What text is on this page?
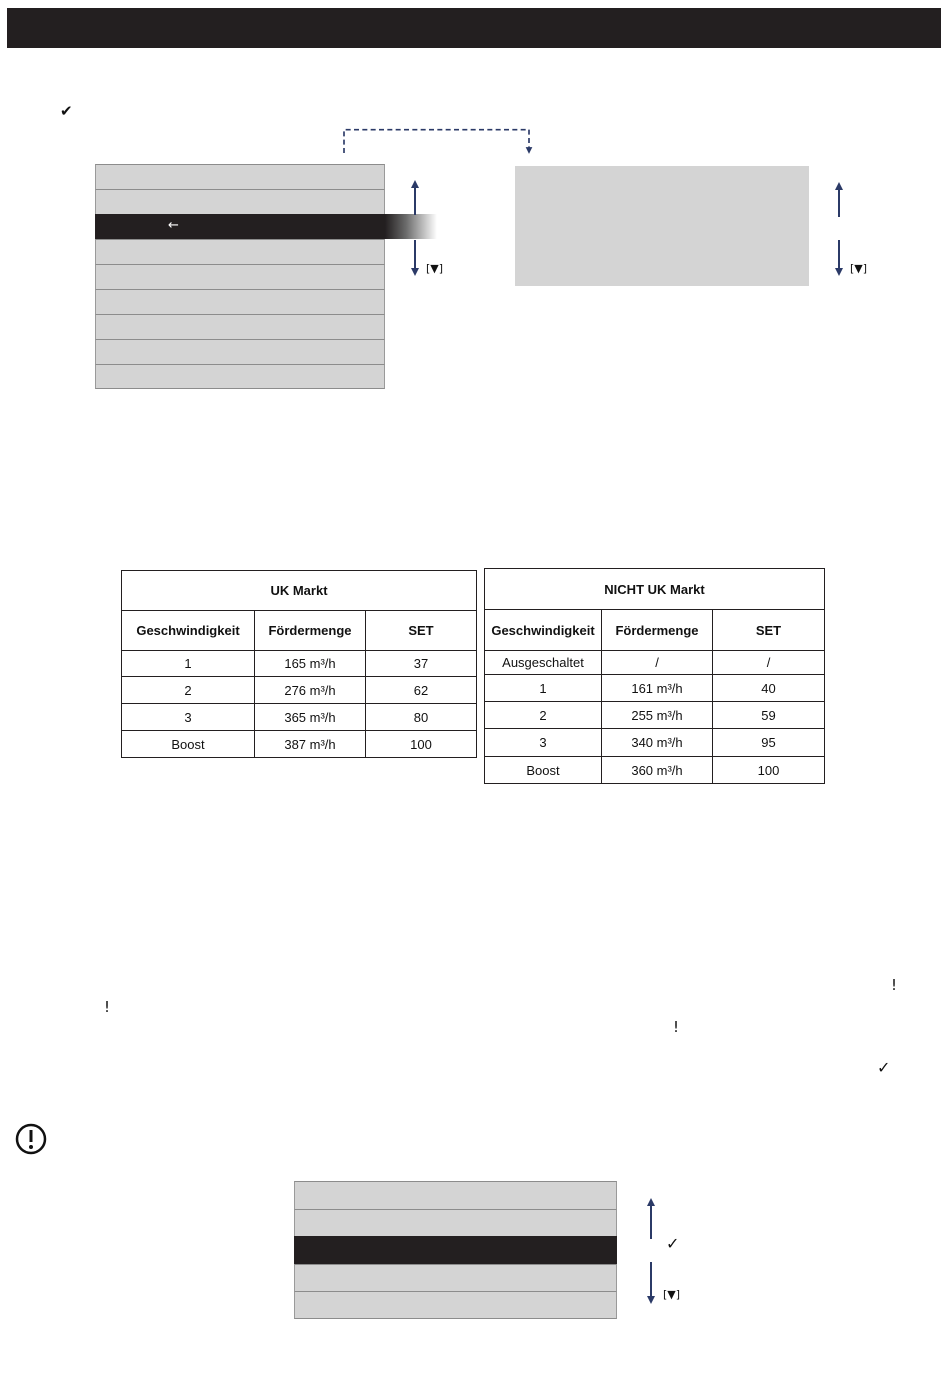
✔
←
[▼]	[▼]
UK Markt		
Geschwindigkeit	Fördermenge	SET
1	165 m³/h	37
2	276 m³/h	62
3	365 m³/h	80
Boost	387 m³/h	100
NICHT UK Markt		
Geschwindigkeit	Fördermenge	SET
Ausgeschaltet	/	/
1	161 m³/h	40
2	255 m³/h	59
3	340 m³/h	95
Boost	360 m³/h	100
!
!
!
✓
✓
[▼]
